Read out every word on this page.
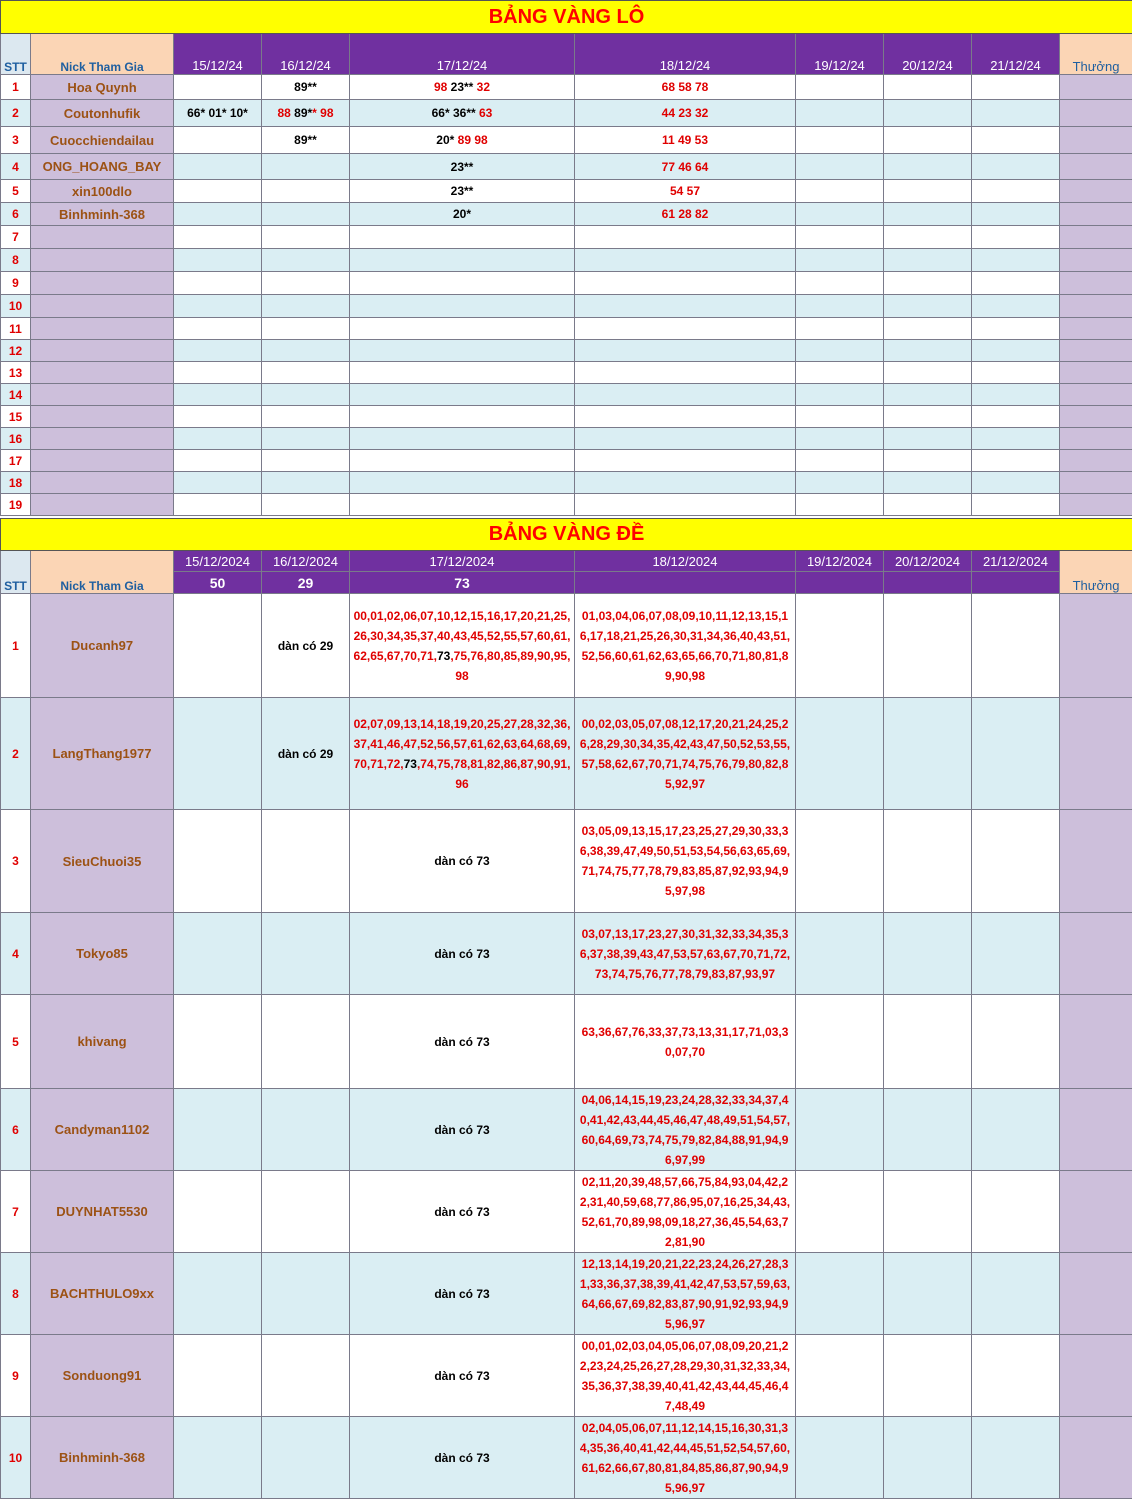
BẢNG VÀNG LÔ									
STT	Nick Tham Gia	15/12/24	16/12/24	17/12/24	18/12/24	19/12/24	20/12/24	21/12/24	Thưởng
1	Hoa Quynh		89**	98 23** 32	68 58 78				
2	Coutonhufik	66* 01* 10*	88 89** 98	66* 36** 63	44 23 32				
3	Cuocchiendailau		89**	20* 89 98	11 49 53				
4	ONG_HOANG_BAY			23**	77 46 64				
5	xin100dlo			23**	54 57				
6	Binhminh-368			20*	61 28 82				
7									
8									
9									
10									
11									
12									
13									
14									
15									
16									
17									
18									
19									
BẢNG VÀNG ĐỀ									
STT	Nick Tham Gia	15/12/2024	16/12/2024	17/12/2024	18/12/2024	19/12/2024	20/12/2024	21/12/2024	Thưởng
		50	29	73					
1	Ducanh97		dàn có 29	00,01,02,06,07,10,12,15,16,17,20,21,25,26,30,34,35,37,40,43,45,52,55,57,60,61,62,65,67,70,71,73,75,76,80,85,89,90,95,98	01,03,04,06,07,08,09,10,11,12,13,15,16,17,18,21,25,26,30,31,34,36,40,43,51,52,56,60,61,62,63,65,66,70,71,80,81,89,90,98				
2	LangThang1977		dàn có 29	02,07,09,13,14,18,19,20,25,27,28,32,36,37,41,46,47,52,56,57,61,62,63,64,68,69,70,71,72,73,74,75,78,81,82,86,87,90,91,96	00,02,03,05,07,08,12,17,20,21,24,25,26,28,29,30,34,35,42,43,47,50,52,53,55,57,58,62,67,70,71,74,75,76,79,80,82,85,92,97				
3	SieuChuoi35			dàn có 73	03,05,09,13,15,17,23,25,27,29,30,33,36,38,39,47,49,50,51,53,54,56,63,65,69,71,74,75,77,78,79,83,85,87,92,93,94,95,97,98				
4	Tokyo85			dàn có 73	03,07,13,17,23,27,30,31,32,33,34,35,36,37,38,39,43,47,53,57,63,67,70,71,72,73,74,75,76,77,78,79,83,87,93,97				
5	khivang			dàn có 73	63,36,67,76,33,37,73,13,31,17,71,03,30,07,70				
6	Candyman1102			dàn có 73	04,06,14,15,19,23,24,28,32,33,34,37,40,41,42,43,44,45,46,47,48,49,51,54,57,60,64,69,73,74,75,79,82,84,88,91,94,96,97,99				
7	DUYNHAT5530			dàn có 73	02,11,20,39,48,57,66,75,84,93,04,42,22,31,40,59,68,77,86,95,07,16,25,34,43,52,61,70,89,98,09,18,27,36,45,54,63,72,81,90				
8	BACHTHULO9xx			dàn có 73	12,13,14,19,20,21,22,23,24,26,27,28,31,33,36,37,38,39,41,42,47,53,57,59,63,64,66,67,69,82,83,87,90,91,92,93,94,95,96,97				
9	Sonduong91			dàn có 73	00,01,02,03,04,05,06,07,08,09,20,21,22,23,24,25,26,27,28,29,30,31,32,33,34,35,36,37,38,39,40,41,42,43,44,45,46,47,48,49				
10	Binhminh-368			dàn có 73	02,04,05,06,07,11,12,14,15,16,30,31,34,35,36,40,41,42,44,45,51,52,54,57,60,61,62,66,67,80,81,84,85,86,87,90,94,95,96,97				
